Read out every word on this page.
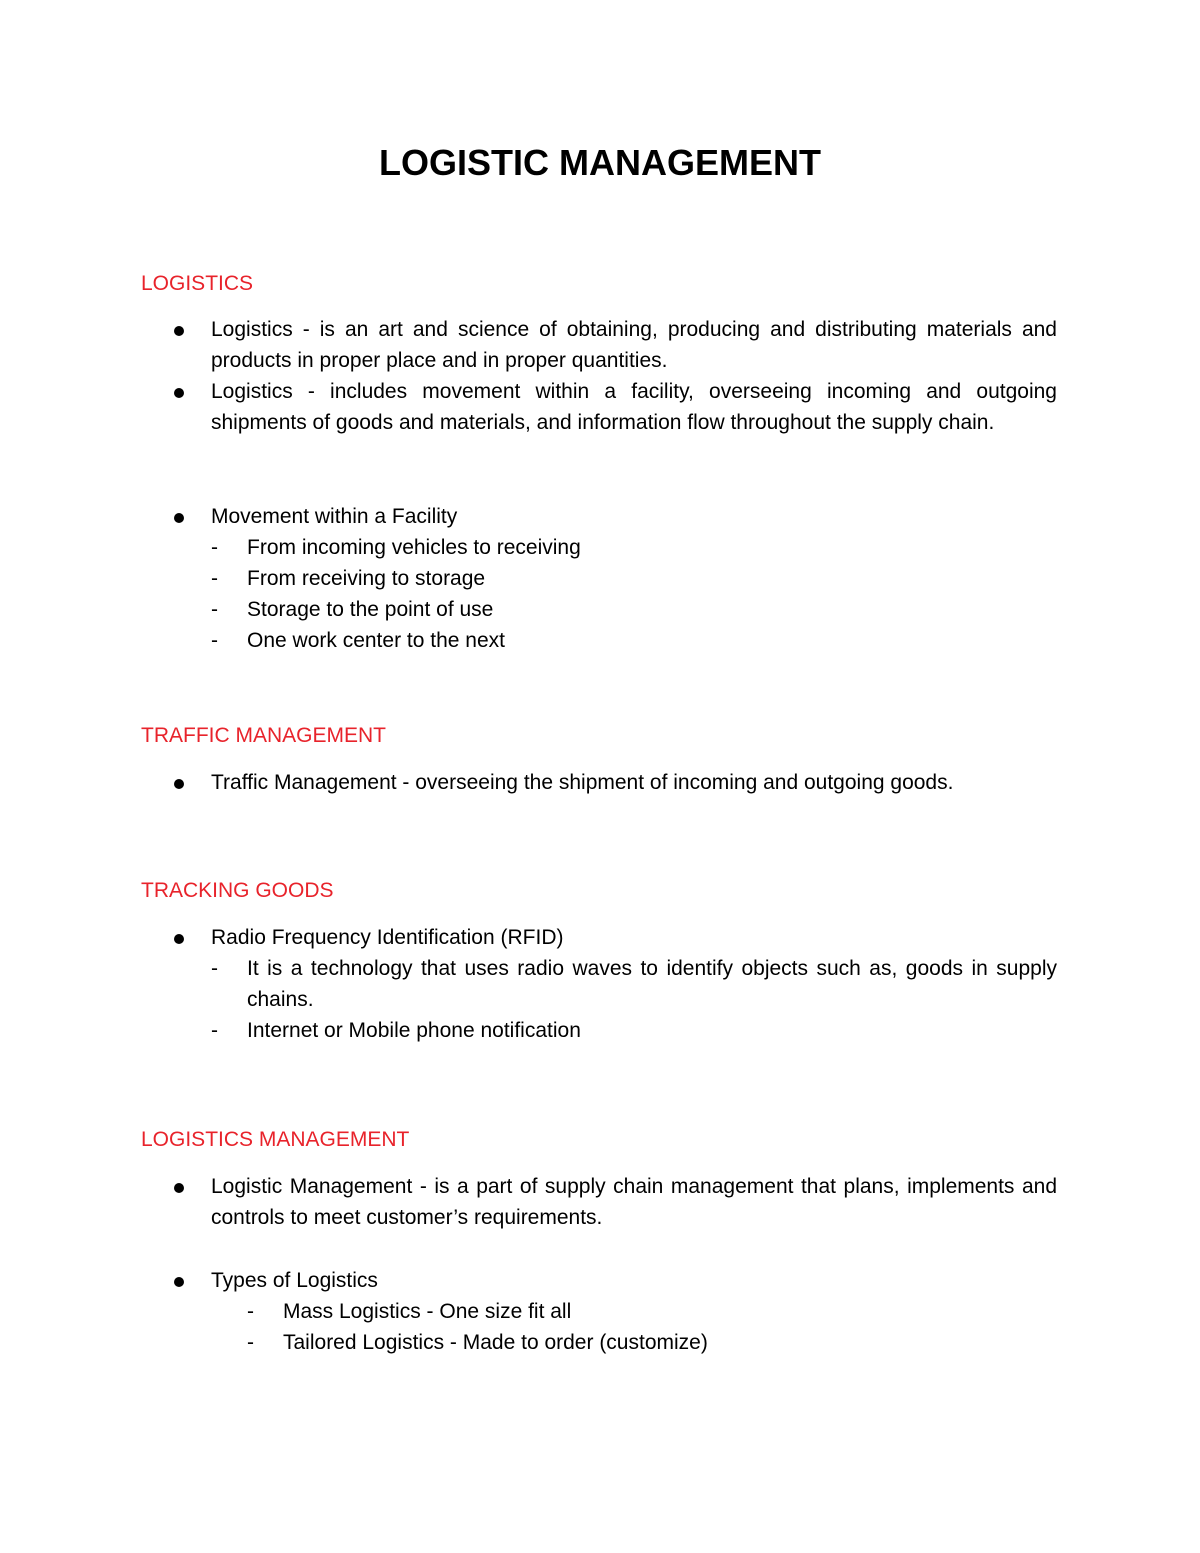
LOGISTIC MANAGEMENT
LOGISTICS
Logistics - is an art and science of obtaining, producing and distributing materials and products in proper place and in proper quantities.
Logistics - includes movement within a facility, overseeing incoming and outgoing shipments of goods and materials, and information flow throughout the supply chain.
Movement within a Facility
- From incoming vehicles to receiving
- From receiving to storage
- Storage to the point of use
- One work center to the next
TRAFFIC MANAGEMENT
Traffic Management - overseeing the shipment of incoming and outgoing goods.
TRACKING GOODS
Radio Frequency Identification (RFID)
- It is a technology that uses radio waves to identify objects such as, goods in supply chains.
- Internet or Mobile phone notification
LOGISTICS MANAGEMENT
Logistic Management - is a part of supply chain management that plans, implements and controls to meet customer’s requirements.
Types of Logistics
- Mass Logistics - One size fit all
- Tailored Logistics - Made to order (customize)
